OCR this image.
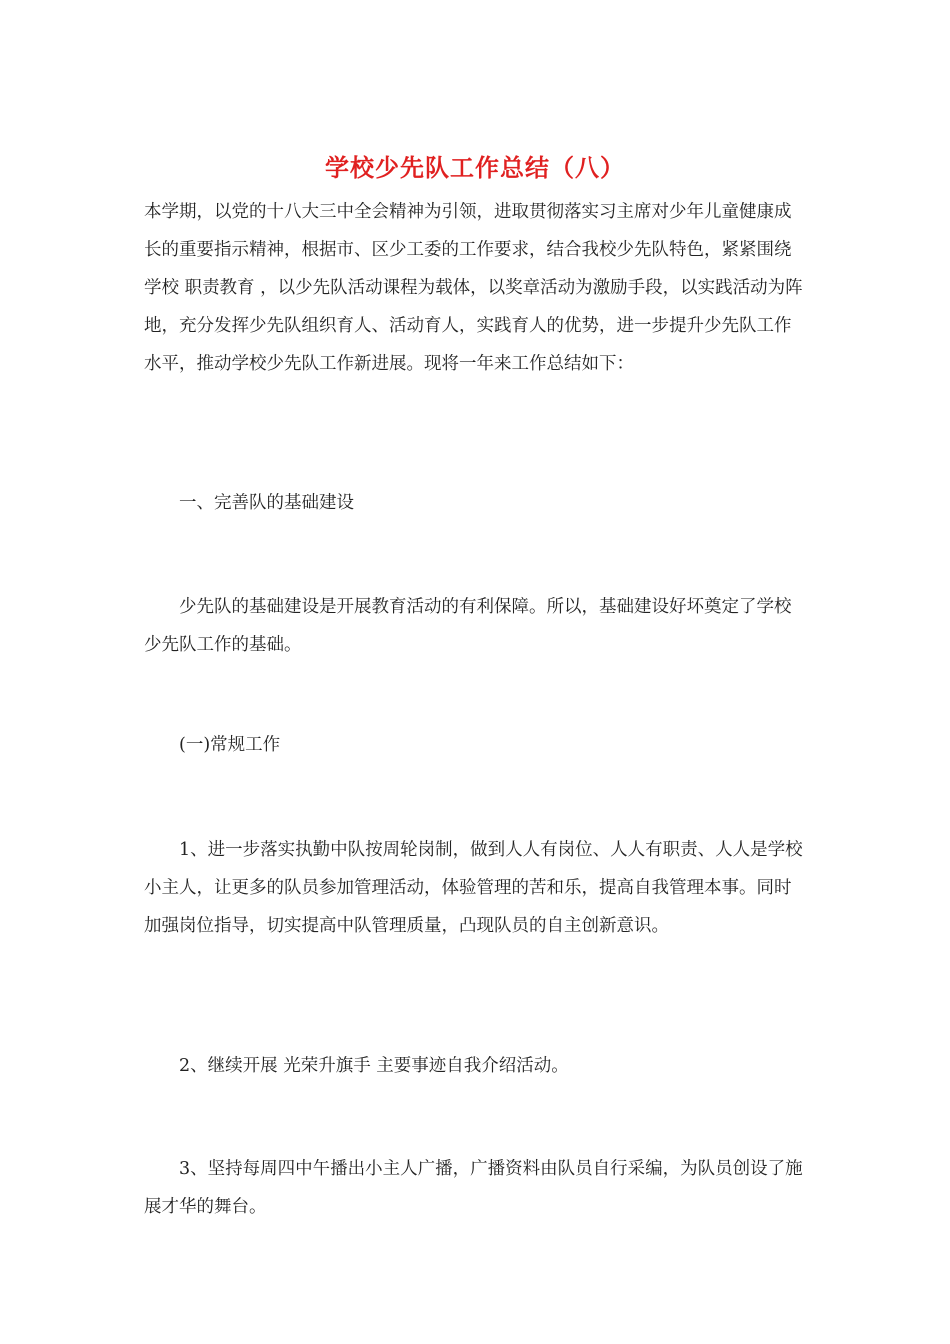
学校少先队工作总结（八）

本学期，以党的十八大三中全会精神为引领，进取贯彻落实习主席对少年儿童健康成长的重要指示精神，根据市、区少工委的工作要求，结合我校少先队特色，紧紧围绕学校 职责教育 ，以少先队活动课程为载体，以奖章活动为激励手段，以实践活动为阵地，充分发挥少先队组织育人、活动育人，实践育人的优势，进一步提升少先队工作水平，推动学校少先队工作新进展。现将一年来工作总结如下：

　　一、完善队的基础建设

　　少先队的基础建设是开展教育活动的有利保障。所以，基础建设好坏奠定了学校少先队工作的基础。

　　(一)常规工作

　　1、进一步落实执勤中队按周轮岗制，做到人人有岗位、人人有职责、人人是学校小主人，让更多的队员参加管理活动，体验管理的苦和乐，提高自我管理本事。同时加强岗位指导，切实提高中队管理质量，凸现队员的自主创新意识。

　　2、继续开展 光荣升旗手 主要事迹自我介绍活动。

　　3、坚持每周四中午播出小主人广播，广播资料由队员自行采编，为队员创设了施展才华的舞台。
